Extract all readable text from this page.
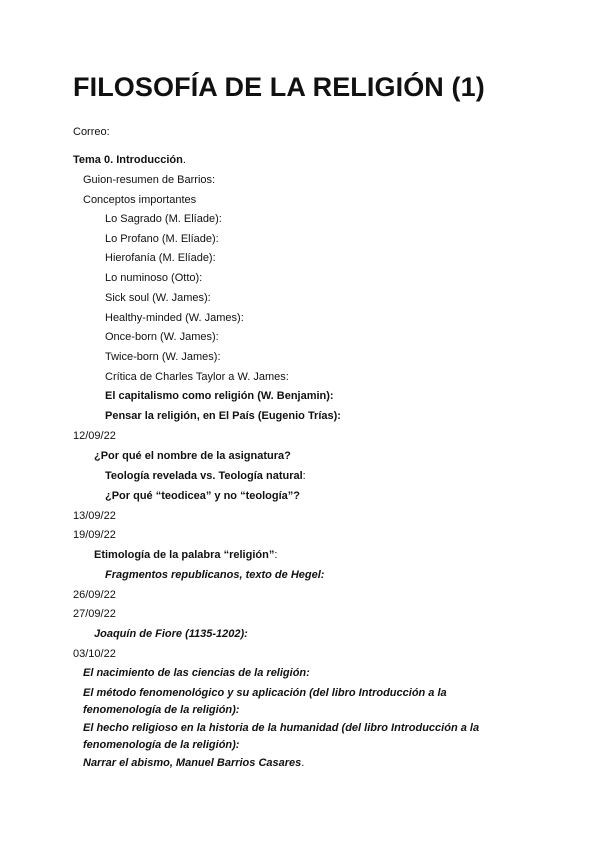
FILOSOFÍA DE LA RELIGIÓN (1)
Correo:
Tema 0. Introducción.
Guion-resumen de Barrios:
Conceptos importantes
Lo Sagrado (M. Elíade):
Lo Profano (M. Elíade):
Hierofanía (M. Elíade):
Lo numinoso (Otto):
Sick soul (W. James):
Healthy-minded (W. James):
Once-born (W. James):
Twice-born (W. James):
Crítica de Charles Taylor a W. James:
El capitalismo como religión (W. Benjamin):
Pensar la religión, en El País (Eugenio Trías):
12/09/22
¿Por qué el nombre de la asignatura?
Teología revelada vs. Teología natural:
¿Por qué “teodicea” y no “teología”?
13/09/22
19/09/22
Etimología de la palabra “religión”:
Fragmentos republicanos, texto de Hegel:
26/09/22
27/09/22
Joaquín de Fiore (1135-1202):
03/10/22
El nacimiento de las ciencias de la religión:
El método fenomenológico y su aplicación (del libro Introducción a la fenomenología de la religión):
El hecho religioso en la historia de la humanidad (del libro Introducción a la fenomenología de la religión):
Narrar el abismo, Manuel Barrios Casares.
